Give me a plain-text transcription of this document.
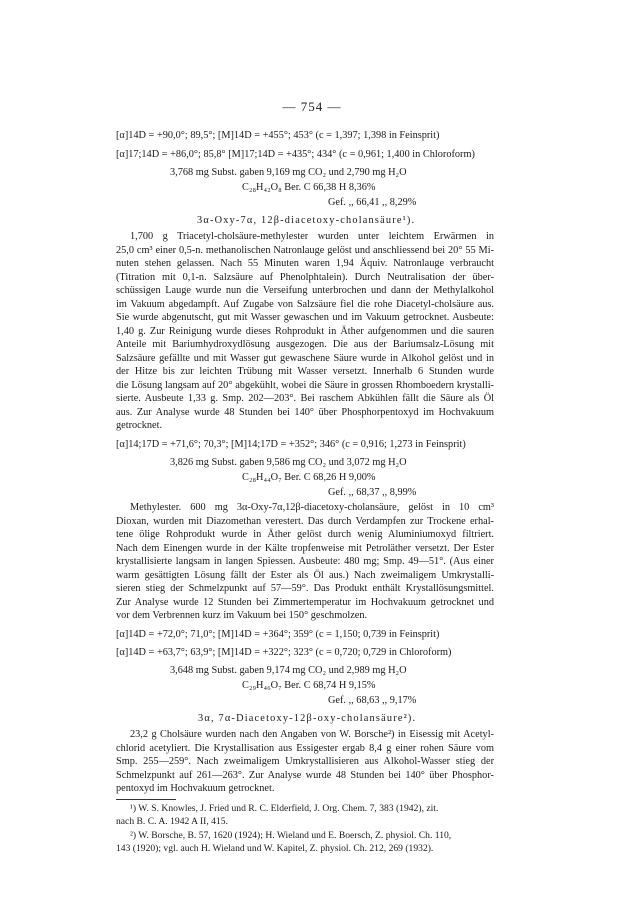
— 754 —
[α]14D = +90,0°; 89,5°; [M]14D = +455°; 453° (c = 1,397; 1,398 in Feinsprit)
[α]17;14D = +86,0°; 85,8° [M]17;14D = +435°; 434° (c = 0,961; 1,400 in Chloroform)
3,768 mg Subst. gaben 9,169 mg CO₂ und 2,790 mg H₂O
C₂₈H₄₂O₈ Ber. C 66,38 H 8,36%
Gef. ,, 66,41 ,, 8,29%
3α-Oxy-7α, 12β-diacetoxy-cholansäure¹).
1,700 g Triacetyl-cholsäure-methylester wurden unter leichtem Erwärmen in
25,0 cm³ einer 0,5-n. methanolischen Natronlauge gelöst und anschliessend bei 20° 55 Mi-
nuten stehen gelassen. Nach 55 Minuten waren 1,94 Äquiv. Natronlauge verbraucht
(Titration mit 0,1-n. Salzsäure auf Phenolphtalein). Durch Neutralisation der über-
schüssigen Lauge wurde nun die Verseifung unterbrochen und dann der Methylalkohol
im Vakuum abgedampft. Auf Zugabe von Salzsäure fiel die rohe Diacetyl-cholsäure aus.
Sie wurde abgenutscht, gut mit Wasser gewaschen und im Vakuum getrocknet. Ausbeute:
1,40 g. Zur Reinigung wurde dieses Rohprodukt in Äther aufgenommen und die sauren
Anteile mit Bariumhydroxydlösung ausgezogen. Die aus der Bariumsalz-Lösung mit
Salzsäure gefällte und mit Wasser gut gewaschene Säure wurde in Alkohol gelöst und in
der Hitze bis zur leichten Trübung mit Wasser versetzt. Innerhalb 6 Stunden wurde
die Lösung langsam auf 20° abgekühlt, wobei die Säure in grossen Rhomboedern krystalli-
sierte. Ausbeute 1,33 g. Smp. 202—203°. Bei raschem Abkühlen fällt die Säure als Öl
aus. Zur Analyse wurde 48 Stunden bei 140° über Phosphorpentoxyd im Hochvakuum
getrocknet.
[α]14;17D = +71,6°; 70,3°; [M]14;17D = +352°; 346° (c = 0,916; 1,273 in Feinsprit)
3,826 mg Subst. gaben 9,586 mg CO₂ und 3,072 mg H₂O
C₂₈H₄₄O₇ Ber. C 68,26 H 9,00%
Gef. ,, 68,37 ,, 8,99%
Methylester. 600 mg 3α-Oxy-7α,12β-diacetoxy-cholansäure, gelöst in 10 cm³
Dioxan, wurden mit Diazomethan verestert. Das durch Verdampfen zur Trockene erhal-
tene ölige Rohprodukt wurde in Äther gelöst durch wenig Aluminiumoxyd filtriert.
Nach dem Einengen wurde in der Kälte tropfenweise mit Petroläther versetzt. Der Ester
krystallisierte langsam in langen Spiessen. Ausbeute: 480 mg; Smp. 49—51°. (Aus einer
warm gesättigten Lösung fällt der Ester als Öl aus.) Nach zweimaligem Umkrystalli-
sieren stieg der Schmelzpunkt auf 57—59°. Das Produkt enthält Krystallösungsmittel.
Zur Analyse wurde 12 Stunden bei Zimmertemperatur im Hochvakuum getrocknet und
vor dem Verbrennen kurz im Vakuum bei 150° geschmolzen.
[α]14D = +72,0°; 71,0°; [M]14D = +364°; 359° (c = 1,150; 0,739 in Feinsprit)
[α]14D = +63,7°; 63,9°; [M]14D = +322°; 323° (c = 0,720; 0,729 in Chloroform)
3,648 mg Subst. gaben 9,174 mg CO₂ und 2,989 mg H₂O
C₂₉H₄₆O₇ Ber. C 68,74 H 9,15%
Gef. ,, 68,63 ,, 9,17%
3α, 7α-Diacetoxy-12β-oxy-cholansäure²).
23,2 g Cholsäure wurden nach den Angaben von W. Borsche²) in Eisessig mit Acetyl-
chlorid acetyliert. Die Krystallisation aus Essigester ergab 8,4 g einer rohen Säure vom
Smp. 255—259°. Nach zweimaligem Umkrystallisieren aus Alkohol-Wasser stieg der
Schmelzpunkt auf 261—263°. Zur Analyse wurde 48 Stunden bei 140° über Phosphor-
pentoxyd im Hochvakuum getrocknet.
¹) W. S. Knowles, J. Fried und R. C. Elderfield, J. Org. Chem. 7, 383 (1942), zit.
nach B. C. A. 1942 A II, 415.
²) W. Borsche, B. 57, 1620 (1924); H. Wieland und E. Boersch, Z. physiol. Ch. 110,
143 (1920); vgl. auch H. Wieland und W. Kapitel, Z. physiol. Ch. 212, 269 (1932).
